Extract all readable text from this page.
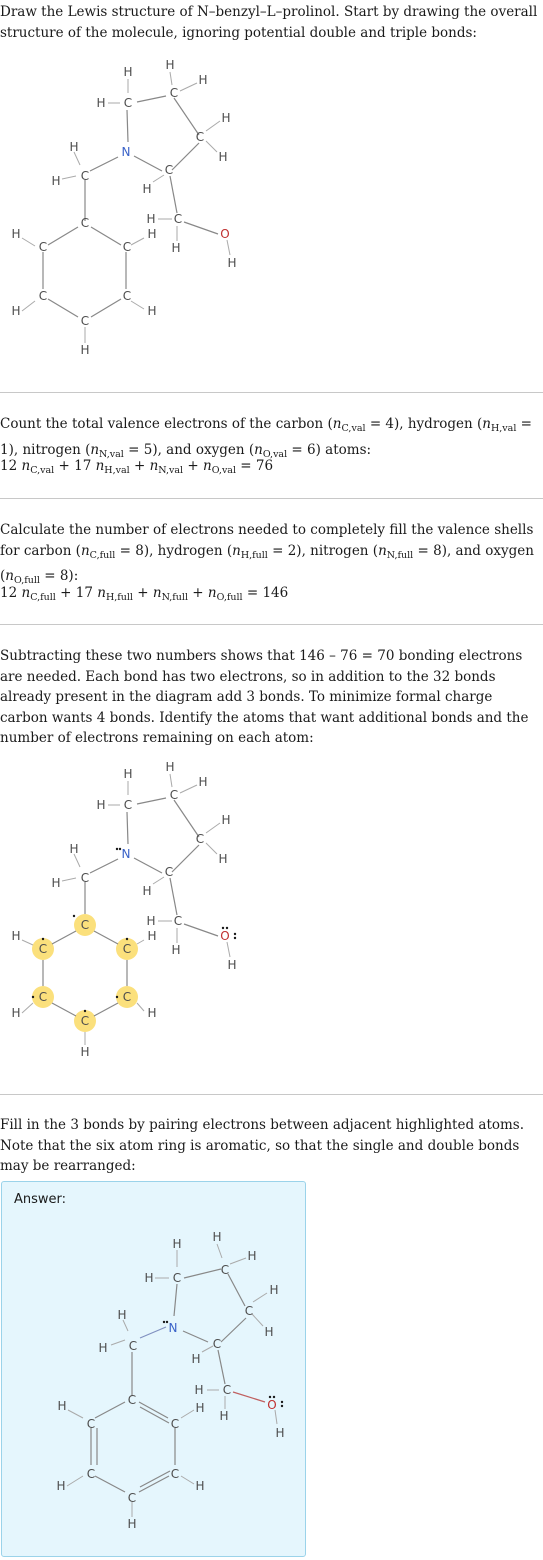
Draw the Lewis structure of N–benzyl–L–prolinol. Start by drawing the overall structure of the molecule, ignoring potential double and triple bonds:
H
H C
H
H
C
H
C
H
C
H
H
H C
H C
H
H
C
H
C	C
H
C
H
C
H
C
H
N
O
Count the total valence electrons of the carbon $(n_{C,val} = 4)$, hydrogen $(n_{H,val} = 1)$, nitrogen $(n_{N,val} = 5)$, and oxygen $(n_{O,val} = 6)$ atoms:
12 $n_{C,val} + 17$ $n_{H,val} + n_{N,val} + n_{O,val} = 76$
Calculate the number of electrons needed to completely fill the valence shells for carbon $(n_{C,full} = 8)$, hydrogen $(n_{H,full} = 2)$, nitrogen $(n_{N,full} = 8)$, and oxygen $(n_{O,full} = 8)$:
12 $n_{C,full} + 17$ $n_{H,full} + n_{N,full} + n_{O,full} = 146$
Subtracting these two numbers shows that 146 – 76 = 70 bonding electrons are needed. Each bond has two electrons, so in addition to the 32 bonds already present in the diagram add 3 bonds. To minimize formal charge carbon wants 4 bonds. Identify the atoms that want additional bonds and the number of electrons remaining on each atom:
H
H C
H
H
C
H
C
H
C
H
H
H C
H C
H
H
C
H
C	C
H
C
H
C
H
C
H
N
O
Fill in the 3 bonds by pairing electrons between adjacent highlighted atoms. Note that the six atom ring is aromatic, so that the single and double bonds may be rearranged:
Answer:
H
H C
H
H
C
H
C
H
C
H
H
H C
H C
H
H
C
H
C	C
H
C
H
C
H
C
H
N
O
